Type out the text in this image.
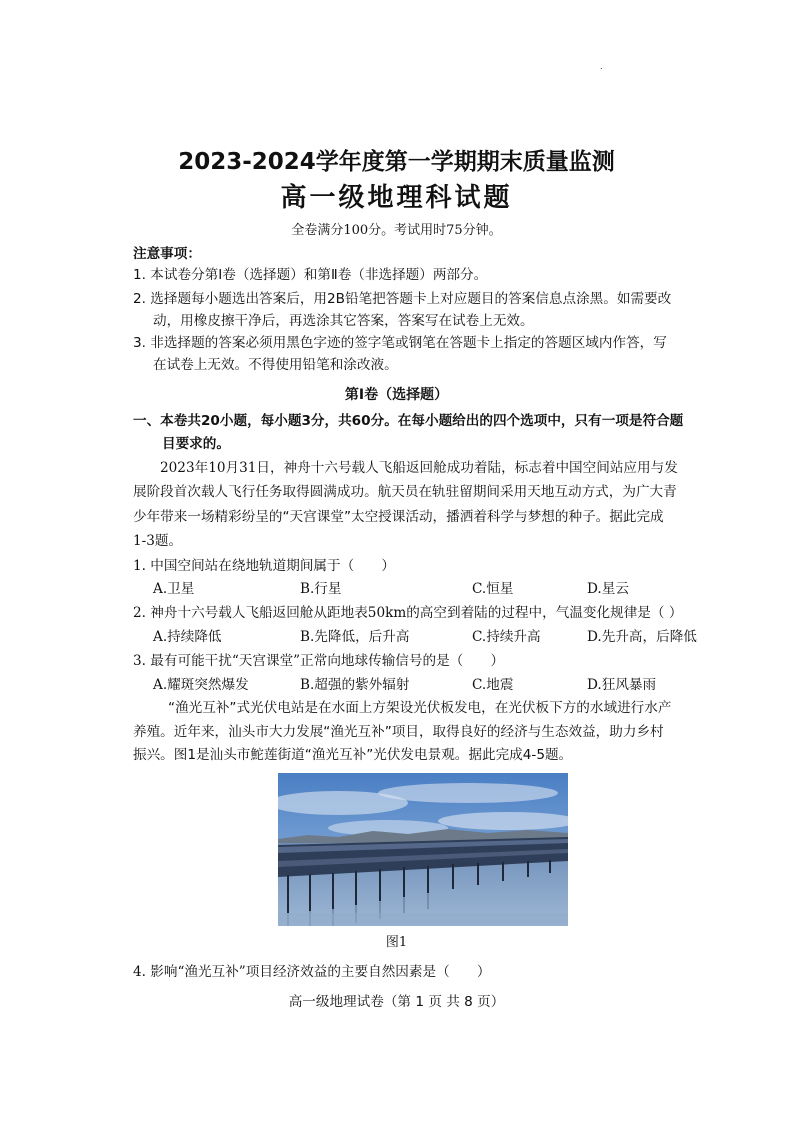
.
2023-2024学年度第一学期期末质量监测
高一级地理科试题
全卷满分100分。考试用时75分钟。
注意事项：
1. 本试卷分第Ⅰ卷（选择题）和第Ⅱ卷（非选择题）两部分。
2. 选择题每小题选出答案后，用2B铅笔把答题卡上对应题目的答案信息点涂黑。如需要改
动，用橡皮擦干净后，再选涂其它答案，答案写在试卷上无效。
3. 非选择题的答案必须用黑色字迹的签字笔或钢笔在答题卡上指定的答题区域内作答，写
在试卷上无效。不得使用铅笔和涂改液。
第Ⅰ卷（选择题）
一、本卷共20小题，每小题3分，共60分。在每小题给出的四个选项中，只有一项是符合题
目要求的。
2023年10月31日，神舟十六号载人飞船返回舱成功着陆，标志着中国空间站应用与发
展阶段首次载人飞行任务取得圆满成功。航天员在轨驻留期间采用天地互动方式，为广大青
少年带来一场精彩纷呈的“天宫课堂”太空授课活动，播洒着科学与梦想的种子。据此完成
1-3题。
1. 中国空间站在绕地轨道期间属于（　　）
A.卫星	B.行星	C.恒星	D.星云
2. 神舟十六号载人飞船返回舱从距地表50km的高空到着陆的过程中，气温变化规律是（ ）
A.持续降低	B.先降低，后升高	C.持续升高	D.先升高，后降低
3. 最有可能干扰“天宫课堂”正常向地球传输信号的是（　　）
A.耀斑突然爆发	B.超强的紫外辐射	C.地震	D.狂风暴雨
“渔光互补”式光伏电站是在水面上方架设光伏板发电，在光伏板下方的水域进行水产
养殖。近年来，汕头市大力发展“渔光互补”项目，取得良好的经济与生态效益，助力乡村
振兴。图1是汕头市鮀莲街道“渔光互补”光伏发电景观。据此完成4-5题。
图1
4. 影响“渔光互补”项目经济效益的主要自然因素是（　　）
高一级地理试卷（第 1 页 共 8 页）
